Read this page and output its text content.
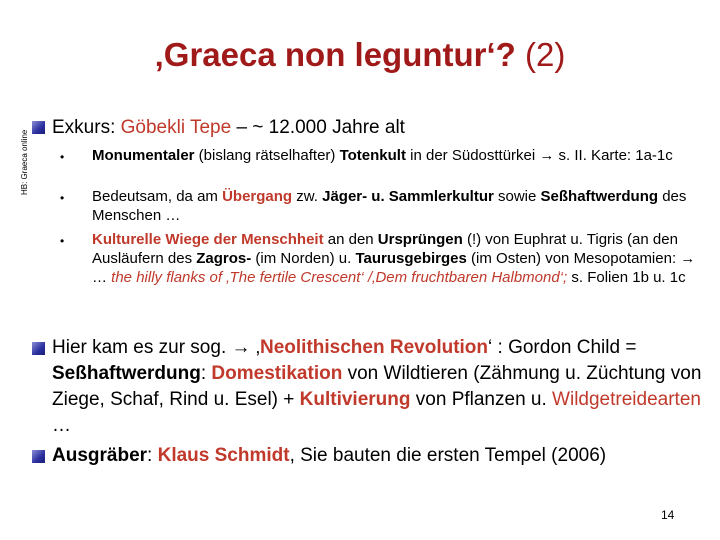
‚Graeca non leguntur‘? (2)
HB: Graeca online
Exkurs: Göbekli Tepe – ~ 12.000 Jahre alt
• Monumentaler (bislang rätselhafter) Totenkult in der Südosttürkei → s. II. Karte: 1a-1c
• Bedeutsam, da am Übergang zw. Jäger- u. Sammlerkultur sowie Seßhaftwerdung des Menschen …
• Kulturelle Wiege der Menschheit an den Ursprüngen (!) von Euphrat u. Tigris (an den Ausläufern des Zagros- (im Norden) u. Taurusgebirges (im Osten) von Mesopotamien: → … the hilly flanks of ‚The fertile Crescent‘ /‚Dem fruchtbaren Halbmond‘; s. Folien 1b u. 1c
Hier kam es zur sog. → ‚Neolithischen Revolution‘ : Gordon Child = Seßhaftwerdung: Domestikation von Wildtieren (Zähmung u. Züchtung von Ziege, Schaf, Rind u. Esel) + Kultivierung von Pflanzen u. Wildgetreidearten …
Ausgräber: Klaus Schmidt, Sie bauten die ersten Tempel (2006)
14
